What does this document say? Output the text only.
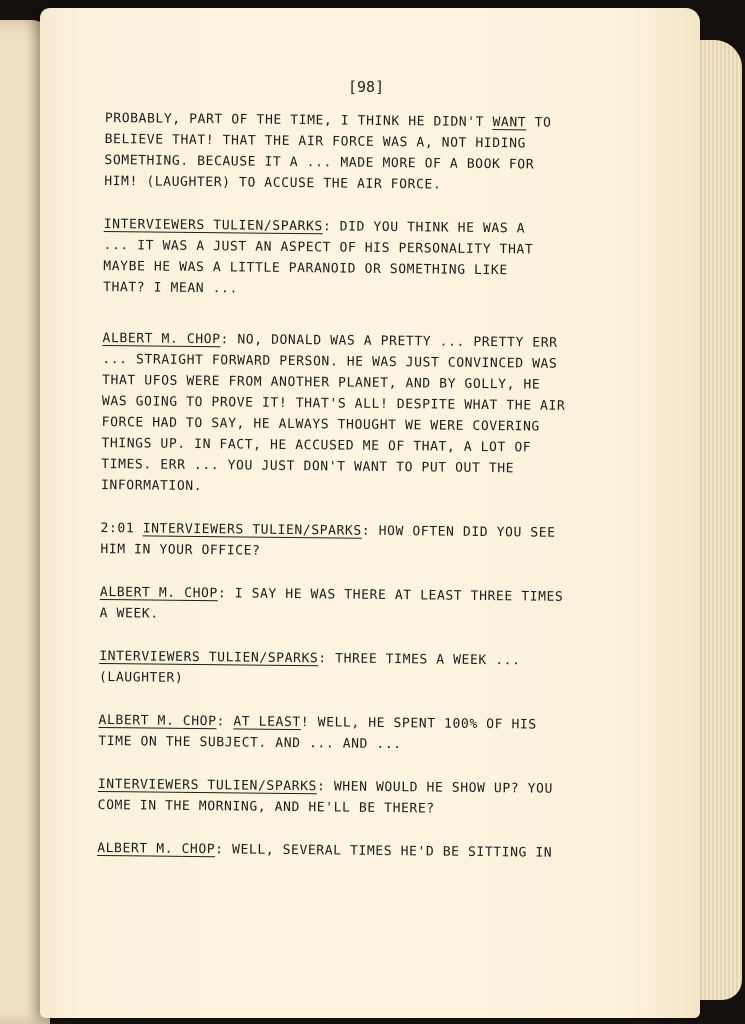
[98]
PROBABLY, PART OF THE TIME, I THINK HE DIDN'T WANT TO
BELIEVE THAT! THAT THE AIR FORCE WAS A, NOT HIDING
SOMETHING. BECAUSE IT A ... MADE MORE OF A BOOK FOR
HIM! (LAUGHTER) TO ACCUSE THE AIR FORCE.
INTERVIEWERS TULIEN/SPARKS: DID YOU THINK HE WAS A
... IT WAS A JUST AN ASPECT OF HIS PERSONALITY THAT
MAYBE HE WAS A LITTLE PARANOID OR SOMETHING LIKE
THAT? I MEAN ...
ALBERT M. CHOP: NO, DONALD WAS A PRETTY ... PRETTY ERR
... STRAIGHT FORWARD PERSON. HE WAS JUST CONVINCED WAS
THAT UFOS WERE FROM ANOTHER PLANET, AND BY GOLLY, HE
WAS GOING TO PROVE IT! THAT'S ALL! DESPITE WHAT THE AIR
FORCE HAD TO SAY, HE ALWAYS THOUGHT WE WERE COVERING
THINGS UP. IN FACT, HE ACCUSED ME OF THAT, A LOT OF
TIMES. ERR ... YOU JUST DON'T WANT TO PUT OUT THE
INFORMATION.
2:01 INTERVIEWERS TULIEN/SPARKS: HOW OFTEN DID YOU SEE
HIM IN YOUR OFFICE?
ALBERT M. CHOP: I SAY HE WAS THERE AT LEAST THREE TIMES
A WEEK.
INTERVIEWERS TULIEN/SPARKS: THREE TIMES A WEEK ...
(LAUGHTER)
ALBERT M. CHOP: AT LEAST! WELL, HE SPENT 100% OF HIS
TIME ON THE SUBJECT. AND ... AND ...
INTERVIEWERS TULIEN/SPARKS: WHEN WOULD HE SHOW UP? YOU
COME IN THE MORNING, AND HE'LL BE THERE?
ALBERT M. CHOP: WELL, SEVERAL TIMES HE'D BE SITTING IN
